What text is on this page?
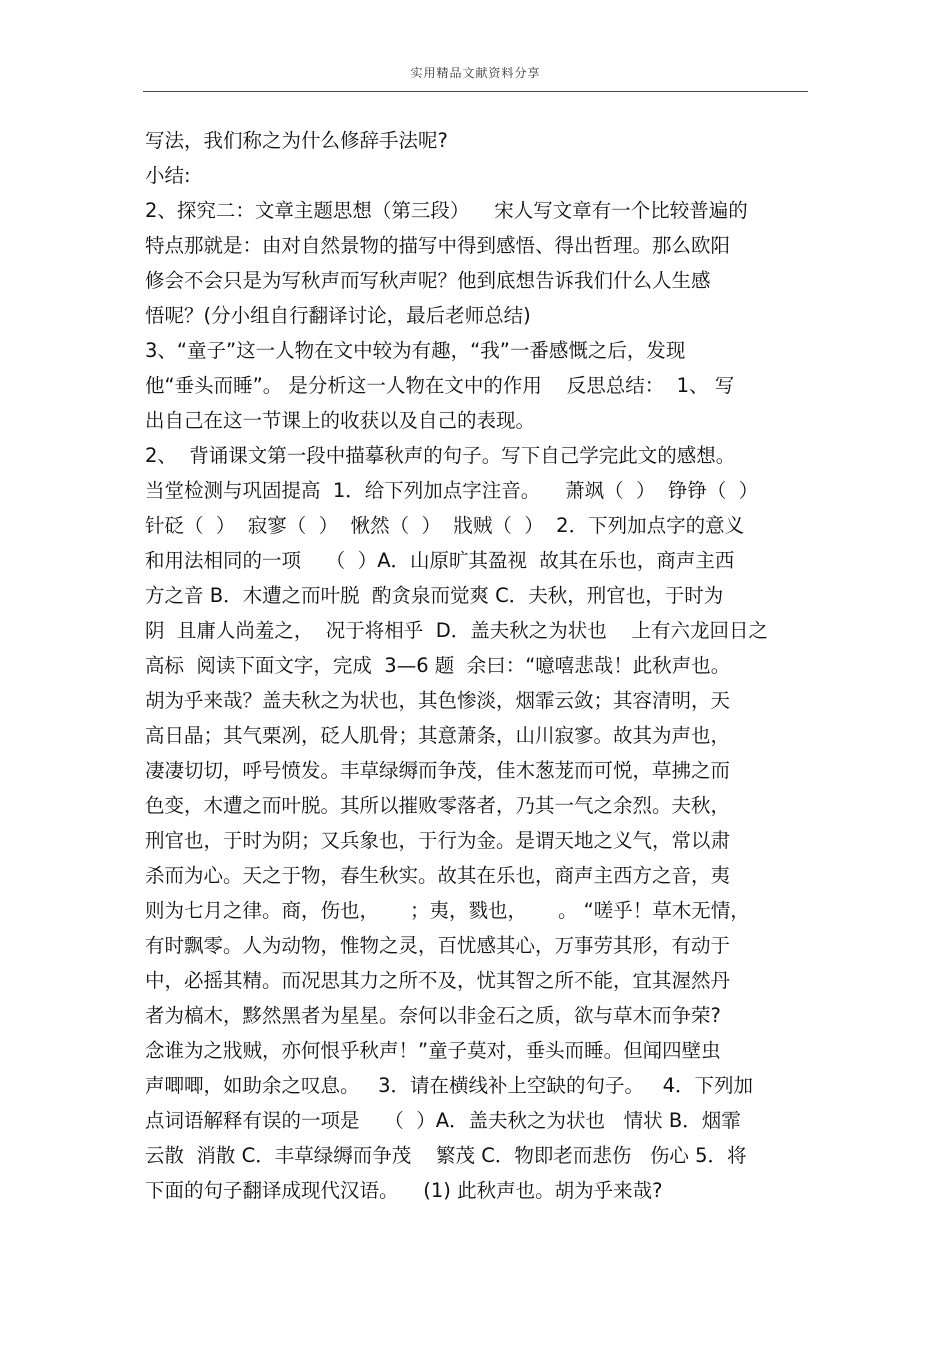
实用精品文献资料分享
写法，我们称之为什么修辞手法呢?
小结:
2、探究二：文章主题思想（第三段）    宋人写文章有一个比较普遍的
特点那就是：由对自然景物的描写中得到感悟、得出哲理。那么欧阳
修会不会只是为写秋声而写秋声呢？他到底想告诉我们什么人生感
悟呢？(分小组自行翻译讨论，最后老师总结)
3、“童子”这一人物在文中较为有趣，“我”一番感慨之后，发现
他“垂头而睡”。 是分析这一人物在文中的作用    反思总结：  1、 写
出自己在这一节课上的收获以及自己的表现。
2、  背诵课文第一段中描摹秋声的句子。写下自己学完此文的感想。
当堂检测与巩固提高  1．给下列加点字注音。    萧飒（  ）  铮铮（  ）
针砭（  ）  寂寥（  ）  愀然（  ）  戕贼（  ）  2．下列加点字的意义
和用法相同的一项    （  ）A．山原旷其盈视  故其在乐也，商声主西
方之音 B．木遭之而叶脱  酌贪泉而觉爽 C．夫秋，刑官也，于时为
阴  且庸人尚羞之，  况于将相乎  D．盖夫秋之为状也    上有六龙回日之
高标  阅读下面文字，完成  3—6 题  余曰：“噫嘻悲哉！此秋声也。
胡为乎来哉？盖夫秋之为状也，其色惨淡，烟霏云敛；其容清明，天
高日晶；其气栗冽，砭人肌骨；其意萧条，山川寂寥。故其为声也，
凄凄切切，呼号愤发。丰草绿缛而争茂，佳木葱茏而可悦，草拂之而
色变，木遭之而叶脱。其所以摧败零落者，乃其一气之余烈。夫秋，
刑官也，于时为阴；又兵象也，于行为金。是谓天地之义气，常以肃
杀而为心。天之于物，春生秋实。故其在乐也，商声主西方之音，夷
则为七月之律。商，伤也，     ；夷，戮也，     。 “嗟乎！草木无情，
有时飘零。人为动物，惟物之灵，百忧感其心，万事劳其形，有动于
中，必摇其精。而况思其力之所不及，忧其智之所不能，宜其渥然丹
者为槁木，黟然黑者为星星。奈何以非金石之质，欲与草木而争荣?
念谁为之戕贼，亦何恨乎秋声！”童子莫对，垂头而睡。但闻四壁虫
声唧唧，如助余之叹息。   3．请在横线补上空缺的句子。   4．下列加
点词语解释有误的一项是    （  ）A．盖夫秋之为状也   情状 B．烟霏
云散  消散 C．丰草绿缛而争茂    繁茂 C．物即老而悲伤   伤心 5．将
下面的句子翻译成现代汉语。    (1) 此秋声也。胡为乎来哉?
